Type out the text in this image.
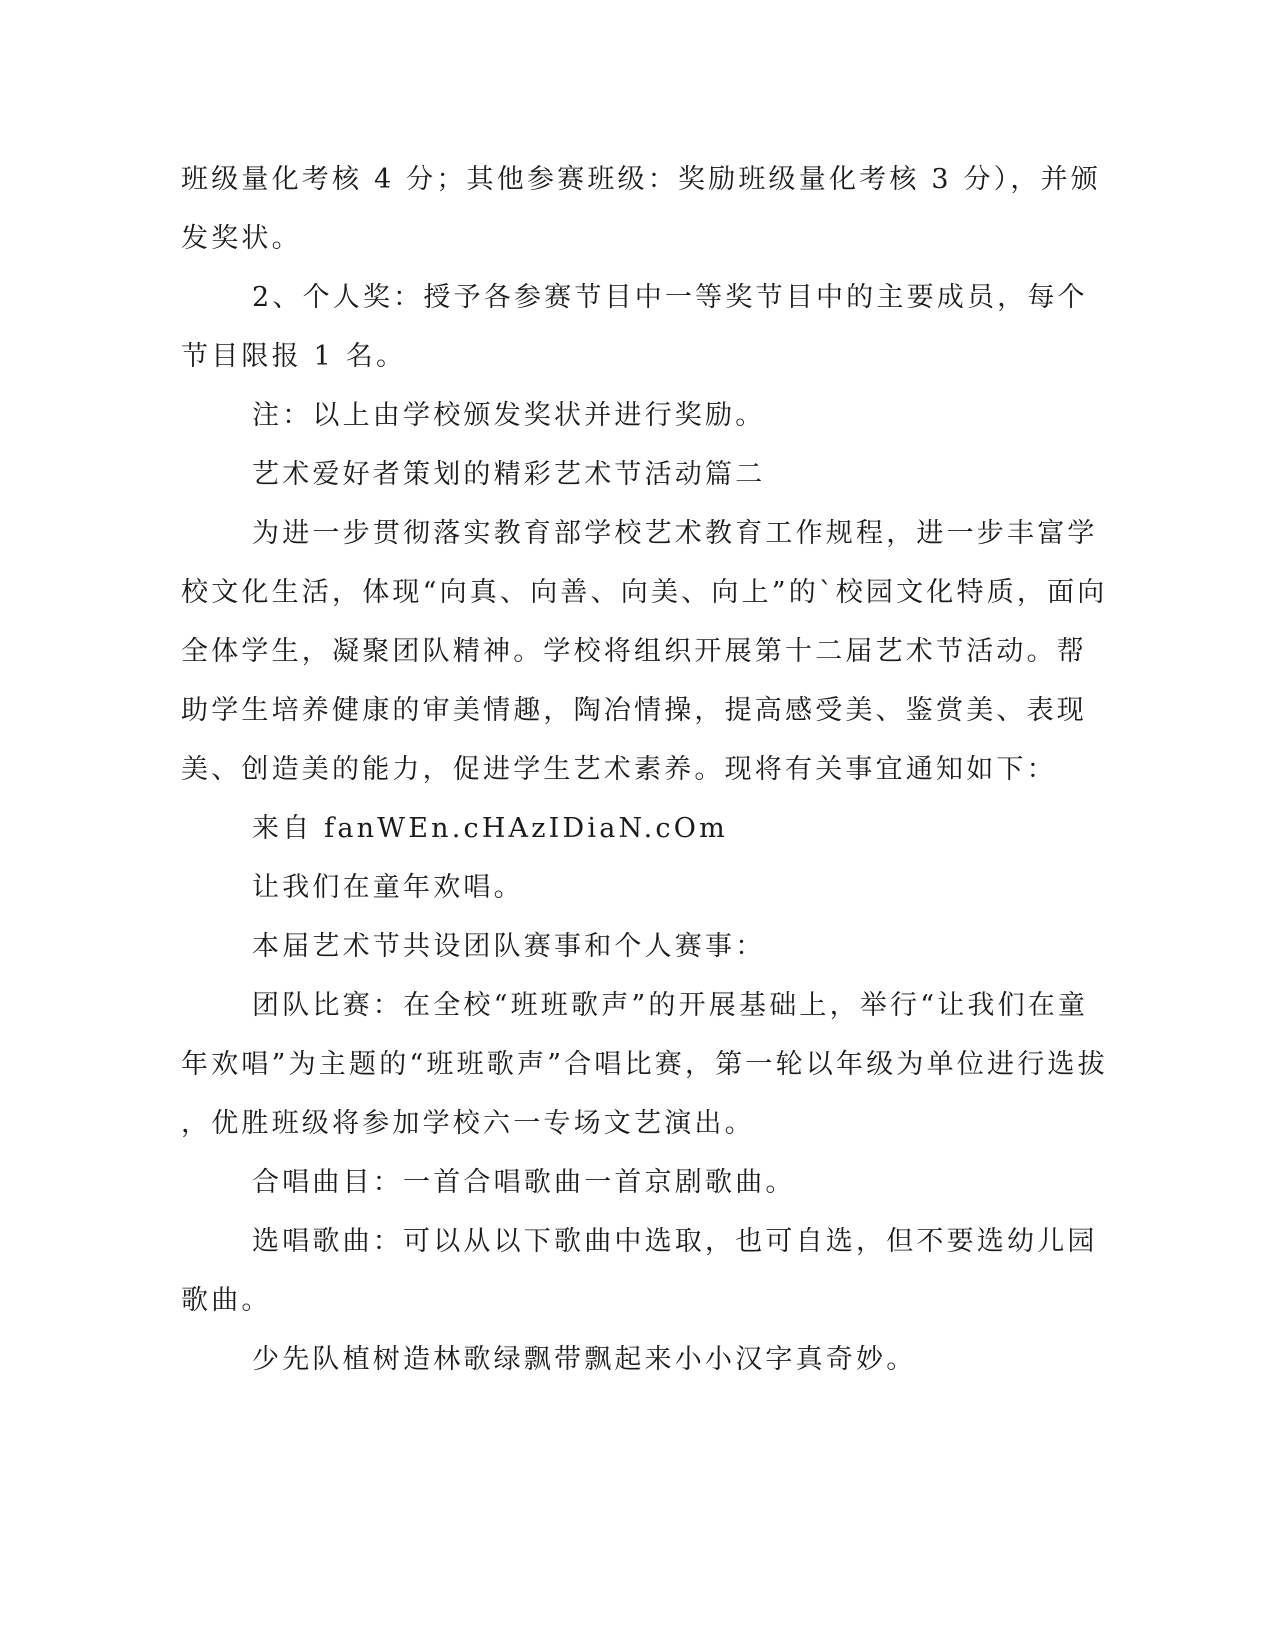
班级量化考核 4 分；其他参赛班级：奖励班级量化考核 3 分），并颁

发奖状。

2、个人奖：授予各参赛节目中一等奖节目中的主要成员，每个

节目限报 1 名。

注：以上由学校颁发奖状并进行奖励。

艺术爱好者策划的精彩艺术节活动篇二

为进一步贯彻落实教育部学校艺术教育工作规程，进一步丰富学

校文化生活，体现“向真、向善、向美、向上”的`校园文化特质，面向

全体学生，凝聚团队精神。学校将组织开展第十二届艺术节活动。帮

助学生培养健康的审美情趣，陶冶情操，提高感受美、鉴赏美、表现

美、创造美的能力，促进学生艺术素养。现将有关事宜通知如下：

来自 fanWEn.cHAzIDiaN.cOm

让我们在童年欢唱。

本届艺术节共设团队赛事和个人赛事：

团队比赛：在全校“班班歌声”的开展基础上，举行“让我们在童

年欢唱”为主题的“班班歌声”合唱比赛，第一轮以年级为单位进行选拔

，优胜班级将参加学校六一专场文艺演出。

合唱曲目：一首合唱歌曲一首京剧歌曲。

选唱歌曲：可以从以下歌曲中选取，也可自选，但不要选幼儿园

歌曲。

少先队植树造林歌绿飘带飘起来小小汉字真奇妙。
